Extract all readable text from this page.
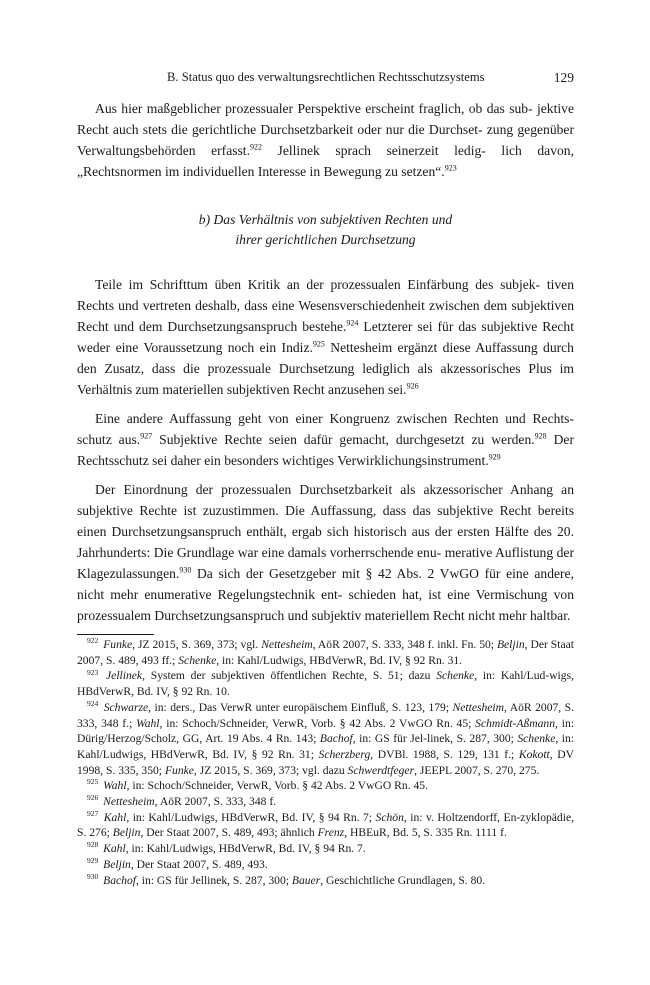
B. Status quo des verwaltungsrechtlichen Rechtsschutzsystems	129

Aus hier maßgeblicher prozessualer Perspektive erscheint fraglich, ob das sub- jektive Recht auch stets die gerichtliche Durchsetzbarkeit oder nur die Durchset- zung gegenüber Verwaltungsbehörden erfasst.$^{922}$ Jellinek sprach seinerzeit ledig- lich davon, „Rechtsnormen im individuellen Interesse in Bewegung zu setzen“.$^{923}$

b) Das Verhältnis von subjektiven Rechten und
ihrer gerichtlichen Durchsetzung

Teile im Schrifttum üben Kritik an der prozessualen Einfärbung des subjek- tiven Rechts und vertreten deshalb, dass eine Wesensverschiedenheit zwischen dem subjektiven Recht und dem Durchsetzungsanspruch bestehe.$^{924}$ Letzterer sei für das subjektive Recht weder eine Voraussetzung noch ein Indiz.$^{925}$ Nettesheim ergänzt diese Auffassung durch den Zusatz, dass die prozessuale Durchsetzung lediglich als akzessorisches Plus im Verhältnis zum materiellen subjektiven Recht anzusehen sei.$^{926}$

Eine andere Auffassung geht von einer Kongruenz zwischen Rechten und Rechts- schutz aus.$^{927}$ Subjektive Rechte seien dafür gemacht, durchgesetzt zu werden.$^{928}$ Der Rechtsschutz sei daher ein besonders wichtiges Verwirklichungsinstrument.$^{929}$

Der Einordnung der prozessualen Durchsetzbarkeit als akzessorischer Anhang an subjektive Rechte ist zuzustimmen. Die Auffassung, dass das subjektive Recht bereits einen Durchsetzungsanspruch enthält, ergab sich historisch aus der ersten Hälfte des 20. Jahrhunderts: Die Grundlage war eine damals vorherrschende enu- merative Auflistung der Klagezulassungen.$^{930}$ Da sich der Gesetzgeber mit § 42 Abs. 2 VwGO für eine andere, nicht mehr enumerative Regelungstechnik ent- schieden hat, ist eine Vermischung von prozessualem Durchsetzungsanspruch und subjektiv materiellem Recht nicht mehr haltbar.

$^{922}$ Funke, JZ 2015, S. 369, 373; vgl. Nettesheim, AöR 2007, S. 333, 348 f. inkl. Fn. 50; Beljin, Der Staat 2007, S. 489, 493 ff.; Schenke, in: Kahl/Ludwigs, HBdVerwR, Bd. IV, § 92 Rn. 31.

$^{923}$ Jellinek, System der subjektiven öffentlichen Rechte, S. 51; dazu Schenke, in: Kahl/Lud-wigs, HBdVerwR, Bd. IV, § 92 Rn. 10.

$^{924}$ Schwarze, in: ders., Das VerwR unter europäischem Einfluß, S. 123, 179; Nettesheim, AöR 2007, S. 333, 348 f.; Wahl, in: Schoch/Schneider, VerwR, Vorb. § 42 Abs. 2 VwGO Rn. 45; Schmidt-Aßmann, in: Dürig/Herzog/Scholz, GG, Art. 19 Abs. 4 Rn. 143; Bachof, in: GS für Jel-linek, S. 287, 300; Schenke, in: Kahl/Ludwigs, HBdVerwR, Bd. IV, § 92 Rn. 31; Scherzberg, DVBl. 1988, S. 129, 131 f.; Kokott, DV 1998, S. 335, 350; Funke, JZ 2015, S. 369, 373; vgl. dazu Schwerdtfeger, JEEPL 2007, S. 270, 275.

$^{925}$ Wahl, in: Schoch/Schneider, VerwR, Vorb. § 42 Abs. 2 VwGO Rn. 45.

$^{926}$ Nettesheim, AöR 2007, S. 333, 348 f.

$^{927}$ Kahl, in: Kahl/Ludwigs, HBdVerwR, Bd. IV, § 94 Rn. 7; Schön, in: v. Holtzendorff, En-zyklopädie, S. 276; Beljin, Der Staat 2007, S. 489, 493; ähnlich Frenz, HBEuR, Bd. 5, S. 335 Rn. 1111 f.

$^{928}$ Kahl, in: Kahl/Ludwigs, HBdVerwR, Bd. IV, § 94 Rn. 7.

$^{929}$ Beljin, Der Staat 2007, S. 489, 493.

$^{930}$ Bachof, in: GS für Jellinek, S. 287, 300; Bauer, Geschichtliche Grundlagen, S. 80.
